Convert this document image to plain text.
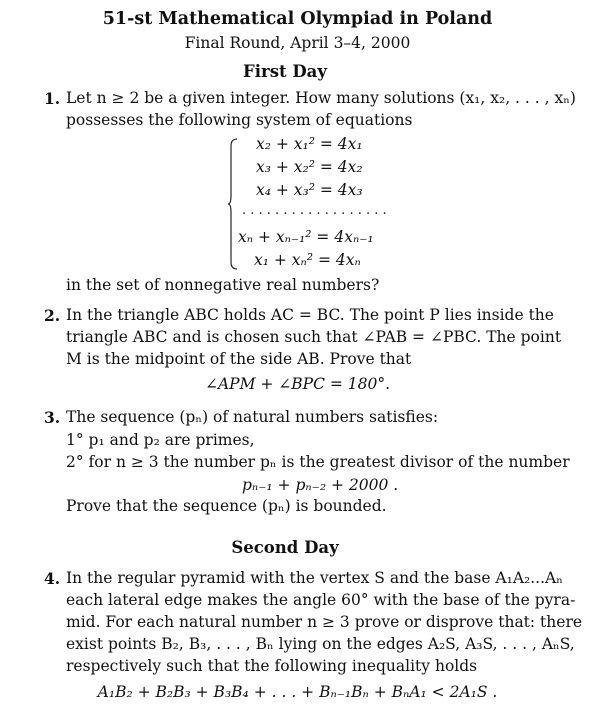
51-st Mathematical Olympiad in Poland
Final Round, April 3–4, 2000
First Day
1. Let n ≥ 2 be a given integer. How many solutions (x₁, x₂, . . . , xₙ)
possesses the following system of equations
x₂ + x₁² = 4x₁
x₃ + x₂² = 4x₂
x₄ + x₃² = 4x₃
. . . . . . . . . . . . . . . . . .
xₙ + xₙ₋₁² = 4xₙ₋₁
x₁ + xₙ² = 4xₙ
in the set of nonnegative real numbers?
2. In the triangle ABC holds AC = BC. The point P lies inside the
triangle ABC and is chosen such that ∠PAB = ∠PBC. The point
M is the midpoint of the side AB. Prove that
∠APM + ∠BPC = 180°.
3. The sequence (pₙ) of natural numbers satisfies:
1° p₁ and p₂ are primes,
2° for n ≥ 3 the number pₙ is the greatest divisor of the number
pₙ₋₁ + pₙ₋₂ + 2000 .
Prove that the sequence (pₙ) is bounded.
Second Day
4. In the regular pyramid with the vertex S and the base A₁A₂...Aₙ
each lateral edge makes the angle 60° with the base of the pyra-
mid. For each natural number n ≥ 3 prove or disprove that: there
exist points B₂, B₃, . . . , Bₙ lying on the edges A₂S, A₃S, . . . , AₙS,
respectively such that the following inequality holds
A₁B₂ + B₂B₃ + B₃B₄ + . . . + Bₙ₋₁Bₙ + BₙA₁ < 2A₁S .
